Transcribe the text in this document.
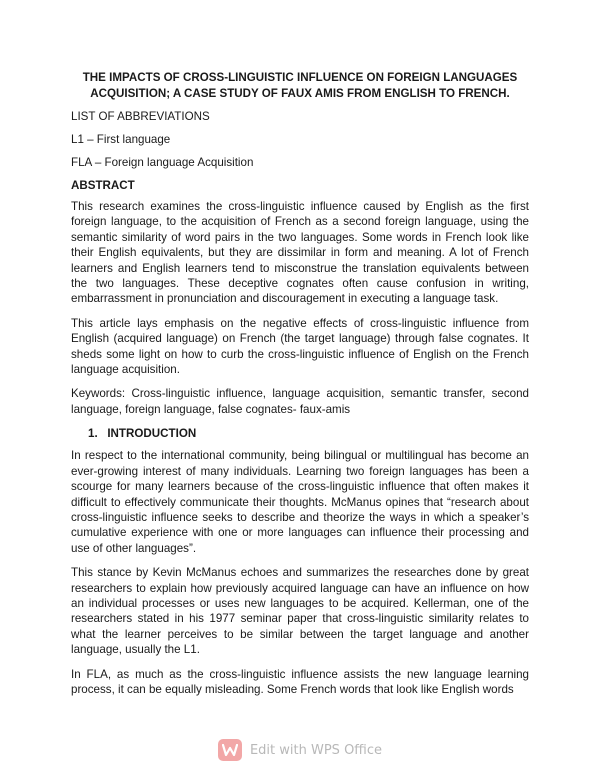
THE IMPACTS OF CROSS-LINGUISTIC INFLUENCE ON FOREIGN LANGUAGES
ACQUISITION; A CASE STUDY OF FAUX AMIS FROM ENGLISH TO FRENCH.
LIST OF ABBREVIATIONS
L1 – First language
FLA – Foreign language Acquisition
ABSTRACT
This research examines the cross-linguistic influence caused by English as the first foreign language, to the acquisition of French as a second foreign language, using the semantic similarity of word pairs in the two languages. Some words in French look like their English equivalents, but they are dissimilar in form and meaning. A lot of French learners and English learners tend to misconstrue the translation equivalents between the two languages. These deceptive cognates often cause confusion in writing, embarrassment in pronunciation and discouragement in executing a language task.
This article lays emphasis on the negative effects of cross-linguistic influence from English (acquired language) on French (the target language) through false cognates. It sheds some light on how to curb the cross-linguistic influence of English on the French language acquisition.
Keywords: Cross-linguistic influence, language acquisition, semantic transfer, second language, foreign language, false cognates- faux-amis
1.   INTRODUCTION
In respect to the international community, being bilingual or multilingual has become an ever-growing interest of many individuals. Learning two foreign languages has been a scourge for many learners because of the cross-linguistic influence that often makes it difficult to effectively communicate their thoughts. McManus opines that “research about cross-linguistic influence seeks to describe and theorize the ways in which a speaker’s cumulative experience with one or more languages can influence their processing and use of other languages”.
This stance by Kevin McManus echoes and summarizes the researches done by great researchers to explain how previously acquired language can have an influence on how an individual processes or uses new languages to be acquired. Kellerman, one of the researchers stated in his 1977 seminar paper that cross-linguistic similarity relates to what the learner perceives to be similar between the target language and another language, usually the L1.
In FLA, as much as the cross-linguistic influence assists the new language learning process, it can be equally misleading. Some French words that look like English words
Edit with WPS Office
